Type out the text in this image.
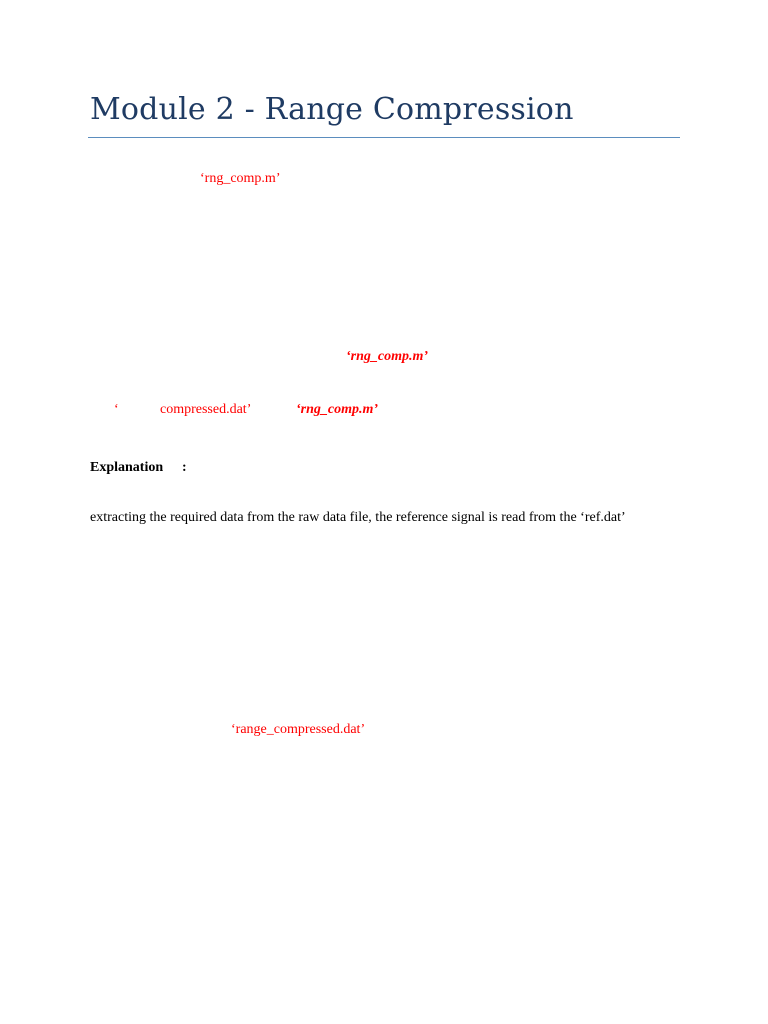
Module 2 - Range Compression
‘rng_comp.m’
‘rng_comp.m’
‘	compressed.dat’	‘rng_comp.m’
Explanation :
extracting the required data from the raw data file, the reference signal is read from the ‘ref.dat’
‘range_compressed.dat’
